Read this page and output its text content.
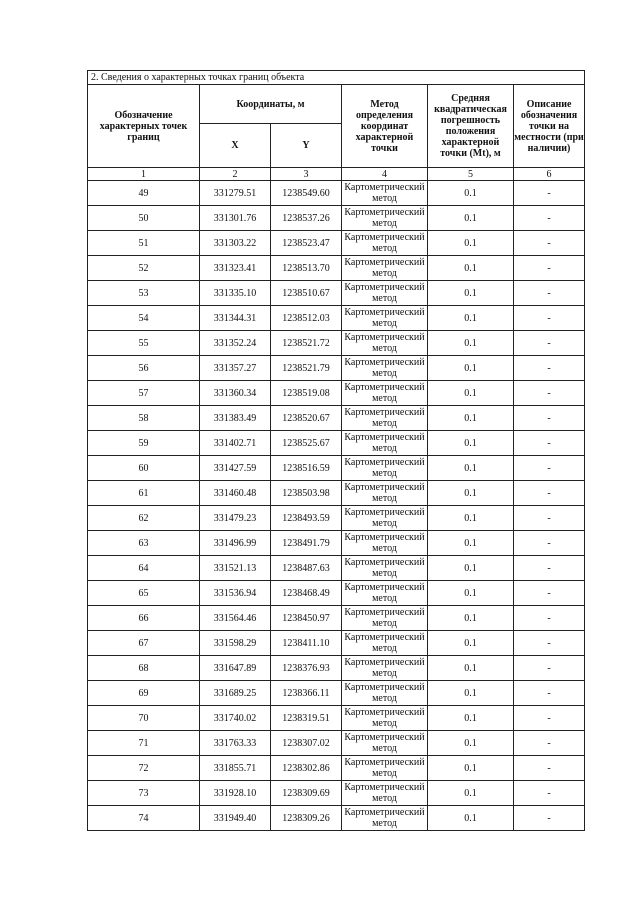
2. Сведения о характерных точках границ объекта					
Обозначение характерных точек границ	Координаты, м		Метод определения координат характерной точки	Средняя квадратическая погрешность положения характерной точки (Mt), м	Описание обозначения точки на местности (при наличии)
	X	Y			
1	2	3	4	5	6
49	331279.51	1238549.60	Картометрический метод	0.1	-
50	331301.76	1238537.26	Картометрический метод	0.1	-
51	331303.22	1238523.47	Картометрический метод	0.1	-
52	331323.41	1238513.70	Картометрический метод	0.1	-
53	331335.10	1238510.67	Картометрический метод	0.1	-
54	331344.31	1238512.03	Картометрический метод	0.1	-
55	331352.24	1238521.72	Картометрический метод	0.1	-
56	331357.27	1238521.79	Картометрический метод	0.1	-
57	331360.34	1238519.08	Картометрический метод	0.1	-
58	331383.49	1238520.67	Картометрический метод	0.1	-
59	331402.71	1238525.67	Картометрический метод	0.1	-
60	331427.59	1238516.59	Картометрический метод	0.1	-
61	331460.48	1238503.98	Картометрический метод	0.1	-
62	331479.23	1238493.59	Картометрический метод	0.1	-
63	331496.99	1238491.79	Картометрический метод	0.1	-
64	331521.13	1238487.63	Картометрический метод	0.1	-
65	331536.94	1238468.49	Картометрический метод	0.1	-
66	331564.46	1238450.97	Картометрический метод	0.1	-
67	331598.29	1238411.10	Картометрический метод	0.1	-
68	331647.89	1238376.93	Картометрический метод	0.1	-
69	331689.25	1238366.11	Картометрический метод	0.1	-
70	331740.02	1238319.51	Картометрический метод	0.1	-
71	331763.33	1238307.02	Картометрический метод	0.1	-
72	331855.71	1238302.86	Картометрический метод	0.1	-
73	331928.10	1238309.69	Картометрический метод	0.1	-
74	331949.40	1238309.26	Картометрический метод	0.1	-
